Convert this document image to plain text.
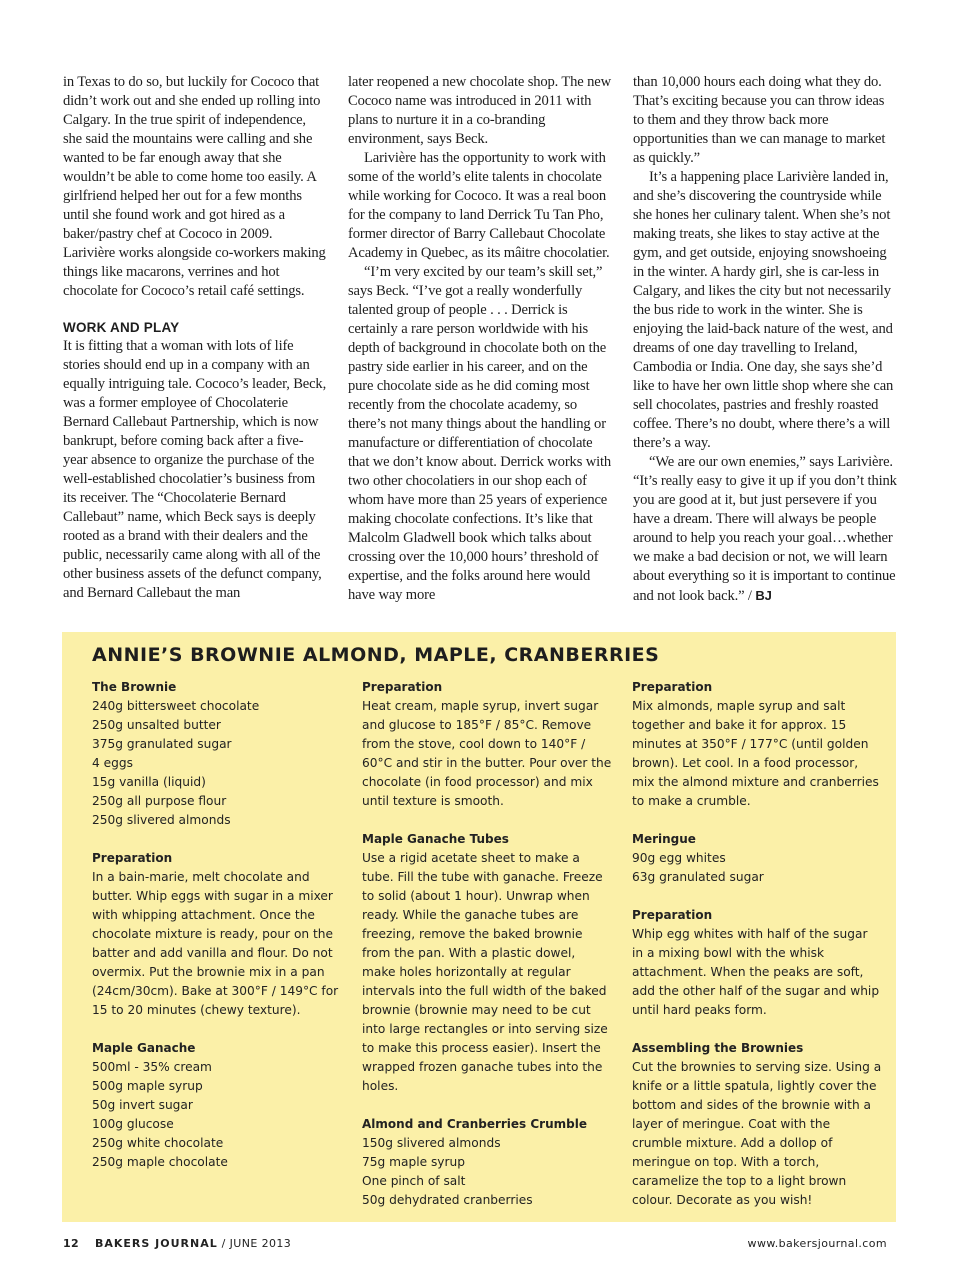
in Texas to do so, but luckily for Cococo that didn’t work out and she ended up rolling into Calgary. In the true spirit of independence, she said the mountains were calling and she wanted to be far enough away that she wouldn’t be able to come home too easily. A girlfriend helped her out for a few months until she found work and got hired as a baker/pastry chef at Cococo in 2009. Larivière works alongside co-workers making things like macarons, verrines and hot chocolate for Cococo’s retail café settings.

WORK AND PLAY

It is fitting that a woman with lots of life stories should end up in a company with an equally intriguing tale. Cococo’s leader, Beck, was a former employee of Chocolaterie Bernard Callebaut Partnership, which is now bankrupt, before coming back after a five-year absence to organize the purchase of the well-established chocolatier’s business from its receiver. The “Chocolaterie Bernard Callebaut” name, which Beck says is deeply rooted as a brand with their dealers and the public, necessarily came along with all of the other business assets of the defunct company, and Bernard Callebaut the man

later reopened a new chocolate shop. The new Cococo name was introduced in 2011 with plans to nurture it in a co-branding environment, says Beck.

Larivière has the opportunity to work with some of the world’s elite talents in chocolate while working for Cococo. It was a real boon for the company to land Derrick Tu Tan Pho, former director of Barry Callebaut Chocolate Academy in Quebec, as its mâitre chocolatier.

“I’m very excited by our team’s skill set,” says Beck. “I’ve got a really wonderfully talented group of people . . . Derrick is certainly a rare person worldwide with his depth of background in chocolate both on the pastry side earlier in his career, and on the pure chocolate side as he did coming most recently from the chocolate academy, so there’s not many things about the handling or manufacture or differentiation of chocolate that we don’t know about. Derrick works with two other chocolatiers in our shop each of whom have more than 25 years of experience making chocolate confections. It’s like that Malcolm Gladwell book which talks about crossing over the 10,000 hours’ threshold of expertise, and the folks around here would have way more

than 10,000 hours each doing what they do. That’s exciting because you can throw ideas to them and they throw back more opportunities than we can manage to market as quickly.”

It’s a happening place Larivière landed in, and she’s discovering the countryside while she hones her culinary talent. When she’s not making treats, she likes to stay active at the gym, and get outside, enjoying snowshoeing in the winter. A hardy girl, she is car-less in Calgary, and likes the city but not necessarily the bus ride to work in the winter. She is enjoying the laid-back nature of the west, and dreams of one day travelling to Ireland, Cambodia or India. One day, she says she’d like to have her own little shop where she can sell chocolates, pastries and freshly roasted coffee. There’s no doubt, where there’s a will there’s a way.

“We are our own enemies,” says Larivière. “It’s really easy to give it up if you don’t think you are good at it, but just persevere if you have a dream. There will always be people around to help you reach your goal…whether we make a bad decision or not, we will learn about everything so it is important to continue and not look back.” / BJ

ANNIE’S BROWNIE ALMOND, MAPLE, CRANBERRIES

The Brownie

240g bittersweet chocolate

250g unsalted butter

375g granulated sugar

4 eggs

15g vanilla (liquid)

250g all purpose flour

250g slivered almonds

Preparation

In a bain-marie, melt chocolate and butter. Whip eggs with sugar in a mixer with whipping attachment. Once the chocolate mixture is ready, pour on the batter and add vanilla and flour. Do not overmix. Put the brownie mix in a pan (24cm/30cm). Bake at 300°F / 149°C for 15 to 20 minutes (chewy texture).

Maple Ganache

500ml - 35% cream

500g maple syrup

50g invert sugar

100g glucose

250g white chocolate

250g maple chocolate

Preparation

Heat cream, maple syrup, invert sugar and glucose to 185°F / 85°C. Remove from the stove, cool down to 140°F / 60°C and stir in the butter. Pour over the chocolate (in food processor) and mix until texture is smooth.

Maple Ganache Tubes

Use a rigid acetate sheet to make a tube. Fill the tube with ganache. Freeze to solid (about 1 hour). Unwrap when ready. While the ganache tubes are freezing, remove the baked brownie from the pan. With a plastic dowel, make holes horizontally at regular intervals into the full width of the baked brownie (brownie may need to be cut into large rectangles or into serving size to make this process easier). Insert the wrapped frozen ganache tubes into the holes.

Almond and Cranberries Crumble

150g slivered almonds

75g maple syrup

One pinch of salt

50g dehydrated cranberries

Preparation

Mix almonds, maple syrup and salt together and bake it for approx. 15 minutes at 350°F / 177°C (until golden brown). Let cool. In a food processor, mix the almond mixture and cranberries to make a crumble.

Meringue

90g egg whites

63g granulated sugar

Preparation

Whip egg whites with half of the sugar in a mixing bowl with the whisk attachment. When the peaks are soft, add the other half of the sugar and whip until hard peaks form.

Assembling the Brownies

Cut the brownies to serving size. Using a knife or a little spatula, lightly cover the bottom and sides of the brownie with a layer of meringue. Coat with the crumble mixture. Add a dollop of meringue on top. With a torch, caramelize the top to a light brown colour. Decorate as you wish!

12 BAKERS JOURNAL / JUNE 2013	www.bakersjournal.com
